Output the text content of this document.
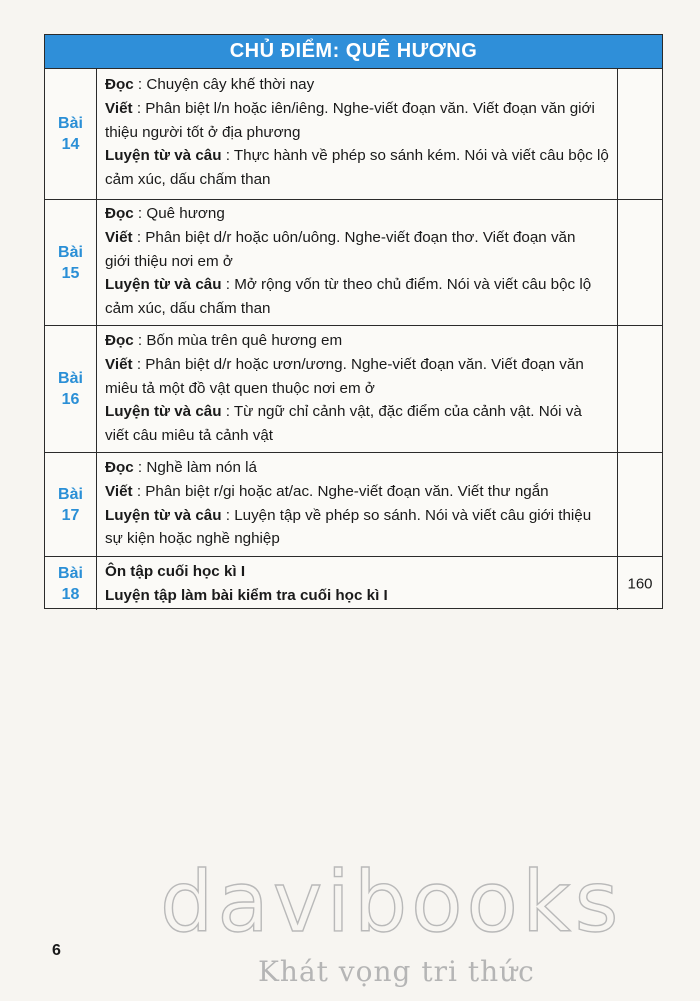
CHỦ ĐIỂM: QUÊ HƯƠNG
Bài
14
Đọc : Chuyện cây khế thời nay
Viết : Phân biệt l/n hoặc iên/iêng. Nghe-viết đoạn văn. Viết đoạn văn giới
thiệu người tốt ở địa phương
Luyện từ và câu : Thực hành về phép so sánh kém. Nói và viết câu bộc lộ
cảm xúc, dấu chấm than
Bài
15
Đọc : Quê hương
Viết : Phân biệt d/r hoặc uôn/uông. Nghe-viết đoạn thơ. Viết đoạn văn
giới thiệu nơi em ở
Luyện từ và câu : Mở rộng vốn từ theo chủ điểm. Nói và viết câu bộc lộ
cảm xúc, dấu chấm than
Bài
16
Đọc : Bốn mùa trên quê hương em
Viết : Phân biệt d/r hoặc ươn/ương. Nghe-viết đoạn văn. Viết đoạn văn
miêu tả một đồ vật quen thuộc nơi em ở
Luyện từ và câu : Từ ngữ chỉ cảnh vật, đặc điểm của cảnh vật. Nói và
viết câu miêu tả cảnh vật
Bài
17
Đọc : Nghề làm nón lá
Viết : Phân biệt r/gi hoặc at/ac. Nghe-viết đoạn văn. Viết thư ngắn
Luyện từ và câu : Luyện tập về phép so sánh. Nói và viết câu giới thiệu
sự kiện hoặc nghề nghiệp
Bài
18
Ôn tập cuối học kì I
Luyện tập làm bài kiểm tra cuối học kì I
160
6 davibooks
Khát vọng tri thức
